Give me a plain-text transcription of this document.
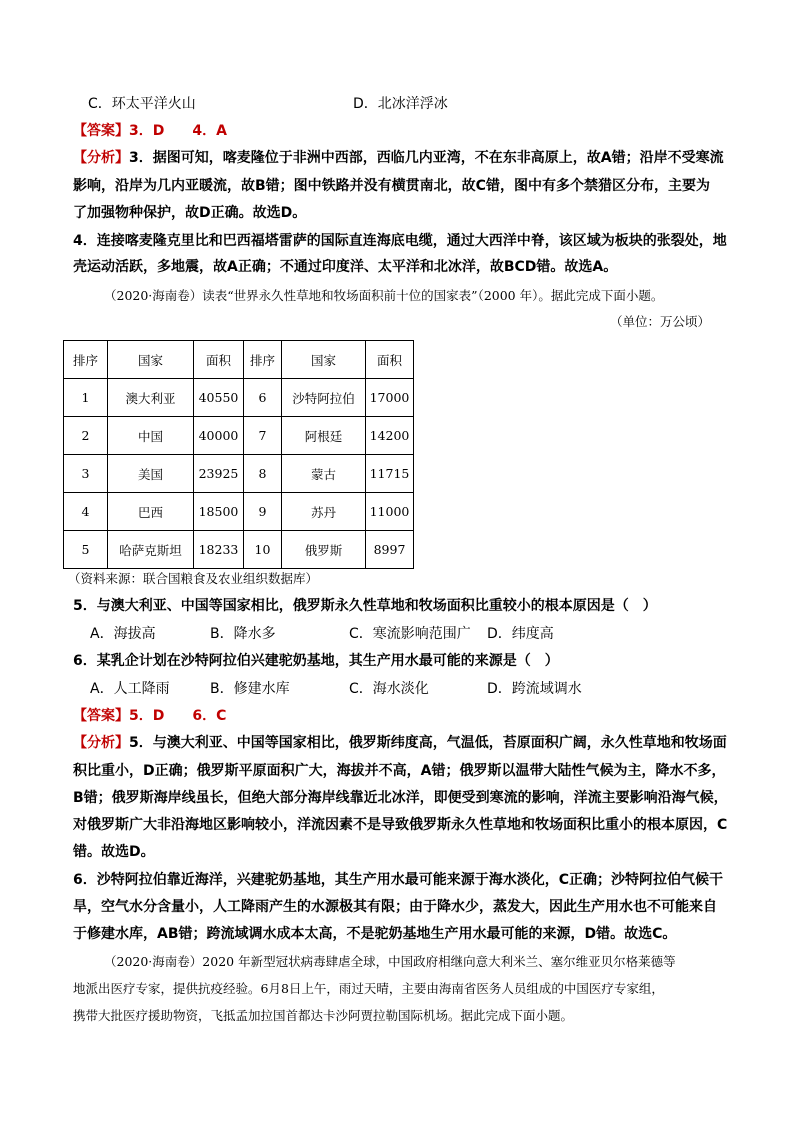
C．环太平洋火山	D．北冰洋浮冰
【答案】3．D　　4．A
【分析】3．据图可知，喀麦隆位于非洲中西部，西临几内亚湾，不在东非高原上，故A错；沿岸不受寒流
影响，沿岸为几内亚暖流，故B错；图中铁路并没有横贯南北，故C错，图中有多个禁猎区分布，主要为
了加强物种保护，故D正确。故选D。
4．连接喀麦隆克里比和巴西福塔雷萨的国际直连海底电缆，通过大西洋中脊，该区域为板块的张裂处，地
壳运动活跃，多地震，故A正确；不通过印度洋、太平洋和北冰洋，故BCD错。故选A。
（2020·海南卷）读表“世界永久性草地和牧场面积前十位的国家表”（2000 年）。据此完成下面小题。
（单位：万公顷）
排序	国家	面积	排序	国家	面积
1	澳大利亚	40550	6	沙特阿拉伯	17000
2	中国	40000	7	阿根廷	14200
3	美国	23925	8	蒙古	11715
4	巴西	18500	9	苏丹	11000
5	哈萨克斯坦	18233	10	俄罗斯	8997
（资料来源：联合国粮食及农业组织数据库）
5．与澳大利亚、中国等国家相比，俄罗斯永久性草地和牧场面积比重较小的根本原因是（　）
A．海拔高	B．降水多	C．寒流影响范围广 D．纬度高
6．某乳企计划在沙特阿拉伯兴建驼奶基地，其生产用水最可能的来源是（　）
A．人工降雨	B．修建水库	C．海水淡化	D．跨流域调水
【答案】5．D　　6．C
【分析】5．与澳大利亚、中国等国家相比，俄罗斯纬度高，气温低，苔原面积广阔，永久性草地和牧场面
积比重小，D正确；俄罗斯平原面积广大，海拔并不高，A错；俄罗斯以温带大陆性气候为主，降水不多，
B错；俄罗斯海岸线虽长，但绝大部分海岸线靠近北冰洋，即便受到寒流的影响，洋流主要影响沿海气候，
对俄罗斯广大非沿海地区影响较小，洋流因素不是导致俄罗斯永久性草地和牧场面积比重小的根本原因，C
错。故选D。
6．沙特阿拉伯靠近海洋，兴建驼奶基地，其生产用水最可能来源于海水淡化，C正确；沙特阿拉伯气候干
旱，空气水分含量小，人工降雨产生的水源极其有限；由于降水少，蒸发大，因此生产用水也不可能来自
于修建水库，AB错；跨流域调水成本太高，不是驼奶基地生产用水最可能的来源，D错。故选C。
（2020·海南卷）2020 年新型冠状病毒肆虐全球，中国政府相继向意大利米兰、塞尔维亚贝尔格莱德等
地派出医疗专家，提供抗疫经验。6月8日上午，雨过天晴，主要由海南省医务人员组成的中国医疗专家组，
携带大批医疗援助物资，飞抵孟加拉国首都达卡沙阿贾拉勒国际机场。据此完成下面小题。
